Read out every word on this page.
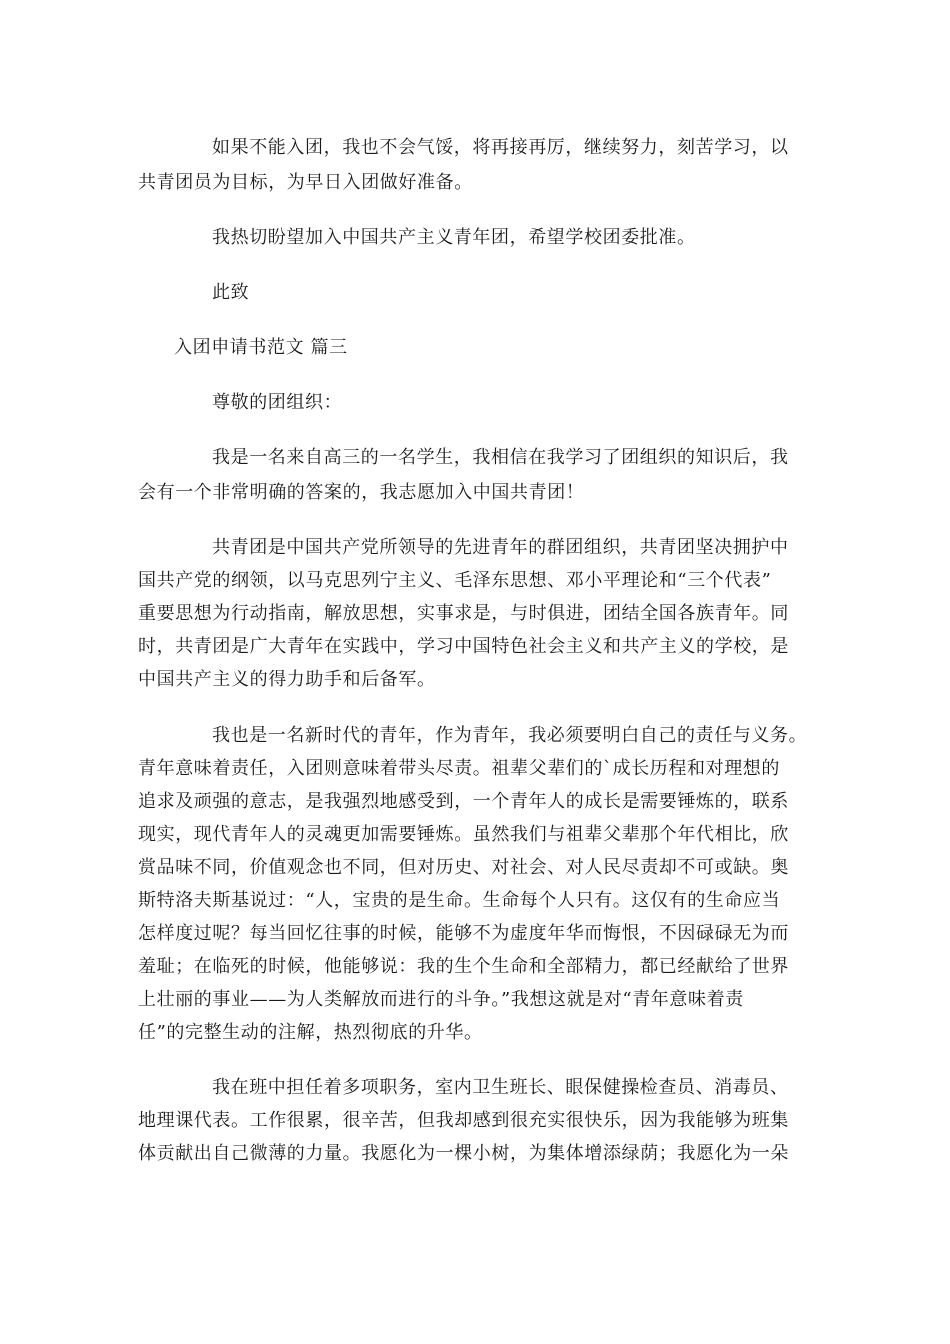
如果不能入团，我也不会气馁，将再接再厉，继续努力，刻苦学习，以
共青团员为目标，为早日入团做好准备。
我热切盼望加入中国共产主义青年团，希望学校团委批准。
此致
入团申请书范文 篇三
尊敬的团组织：
我是一名来自高三的一名学生，我相信在我学习了团组织的知识后，我
会有一个非常明确的答案的，我志愿加入中国共青团！
共青团是中国共产党所领导的先进青年的群团组织，共青团坚决拥护中
国共产党的纲领，以马克思列宁主义、毛泽东思想、邓小平理论和“三个代表”
重要思想为行动指南，解放思想，实事求是，与时俱进，团结全国各族青年。同
时，共青团是广大青年在实践中，学习中国特色社会主义和共产主义的学校，是
中国共产主义的得力助手和后备军。
我也是一名新时代的青年，作为青年，我必须要明白自己的责任与义务。
青年意味着责任，入团则意味着带头尽责。祖辈父辈们的`成长历程和对理想的
追求及顽强的意志，是我强烈地感受到，一个青年人的成长是需要锤炼的，联系
现实，现代青年人的灵魂更加需要锤炼。虽然我们与祖辈父辈那个年代相比，欣
赏品味不同，价值观念也不同，但对历史、对社会、对人民尽责却不可或缺。奥
斯特洛夫斯基说过：“人，宝贵的是生命。生命每个人只有。这仅有的生命应当
怎样度过呢？每当回忆往事的时候，能够不为虚度年华而悔恨，不因碌碌无为而
羞耻；在临死的时候，他能够说：我的生个生命和全部精力，都已经献给了世界
上壮丽的事业——为人类解放而进行的斗争。”我想这就是对“青年意味着责
任”的完整生动的注解，热烈彻底的升华。
我在班中担任着多项职务，室内卫生班长、眼保健操检查员、消毒员、
地理课代表。工作很累，很辛苦，但我却感到很充实很快乐，因为我能够为班集
体贡献出自己微薄的力量。我愿化为一棵小树，为集体增添绿荫；我愿化为一朵
